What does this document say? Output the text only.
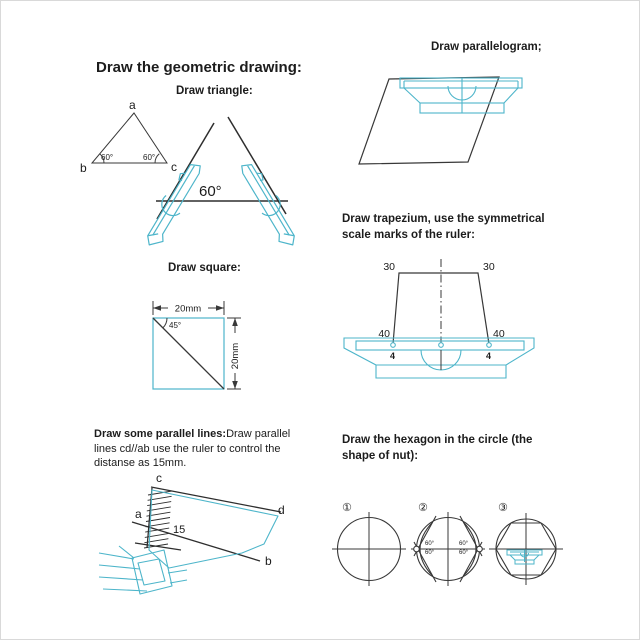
Draw the geometric drawing:
Draw triangle:
Draw parallelogram;
Draw trapezium, use the symmetrical
scale marks of the ruler:
Draw square:
Draw some parallel lines:Draw parallel
lines cd//ab use the ruler to control the
distanse as 15mm.
Draw the hexagon in the circle (the
shape of nut):
a
b	c
60°	60°
60°
30	30
40	40
4	4
45°
20mm
20mm
c
d
a
b
15
①	②	③
60°
60°
60°
60°
